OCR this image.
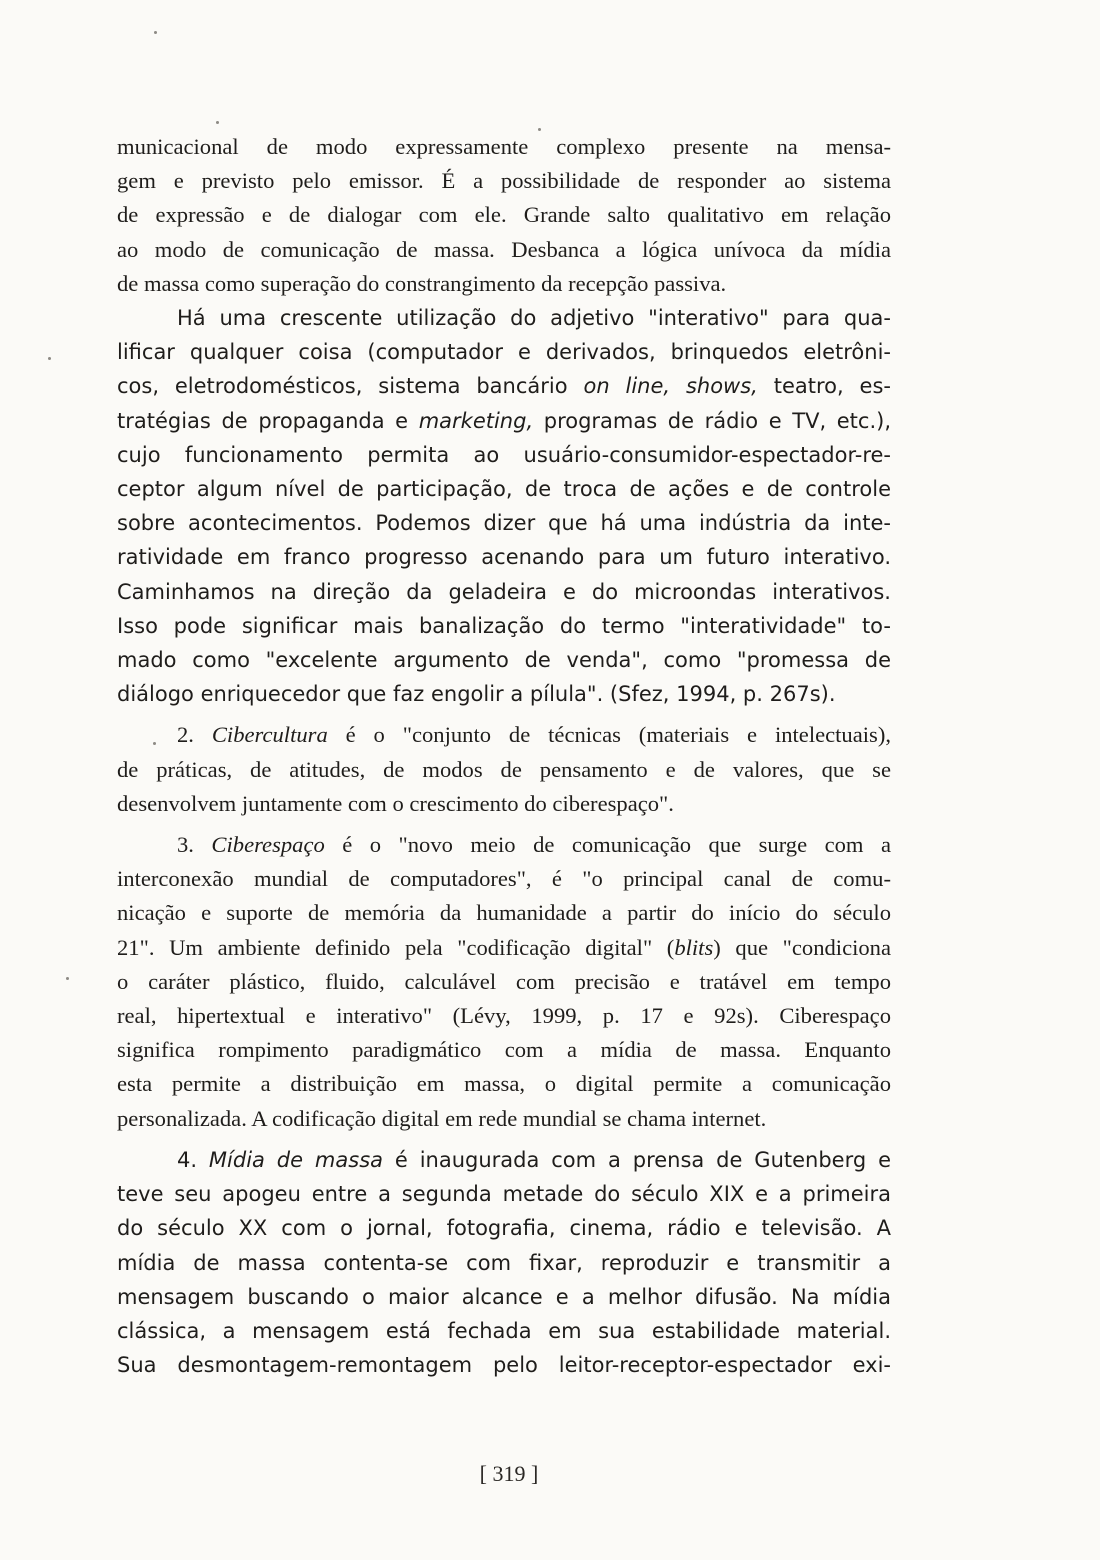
municacional de modo expressamente complexo presente na mensa-
gem e previsto pelo emissor. É a possibilidade de responder ao sistema
de expressão e de dialogar com ele. Grande salto qualitativo em relação
ao modo de comunicação de massa. Desbanca a lógica unívoca da mídia
de massa como superação do constrangimento da recepção passiva.
Há uma crescente utilização do adjetivo "interativo" para qua-
lificar qualquer coisa (computador e derivados, brinquedos eletrôni-
cos, eletrodomésticos, sistema bancário on line, shows, teatro, es-
tratégias de propaganda e marketing, programas de rádio e TV, etc.),
cujo funcionamento permita ao usuário-consumidor-espectador-re-
ceptor algum nível de participação, de troca de ações e de controle
sobre acontecimentos. Podemos dizer que há uma indústria da inte-
ratividade em franco progresso acenando para um futuro interativo.
Caminhamos na direção da geladeira e do microondas interativos.
Isso pode significar mais banalização do termo "interatividade" to-
mado como "excelente argumento de venda", como "promessa de
diálogo enriquecedor que faz engolir a pílula". (Sfez, 1994, p. 267s).
2. Cibercultura é o "conjunto de técnicas (materiais e intelectuais),
de práticas, de atitudes, de modos de pensamento e de valores, que se
desenvolvem juntamente com o crescimento do ciberespaço".
3. Ciberespaço é o "novo meio de comunicação que surge com a
interconexão mundial de computadores", é "o principal canal de comu-
nicação e suporte de memória da humanidade a partir do início do século
21". Um ambiente definido pela "codificação digital" (blits) que "condiciona
o caráter plástico, fluido, calculável com precisão e tratável em tempo
real, hipertextual e interativo" (Lévy, 1999, p. 17 e 92s). Ciberespaço
significa rompimento paradigmático com a mídia de massa. Enquanto
esta permite a distribuição em massa, o digital permite a comunicação
personalizada. A codificação digital em rede mundial se chama internet.
4. Mídia de massa é inaugurada com a prensa de Gutenberg e
teve seu apogeu entre a segunda metade do século XIX e a primeira
do século XX com o jornal, fotografia, cinema, rádio e televisão. A
mídia de massa contenta-se com fixar, reproduzir e transmitir a
mensagem buscando o maior alcance e a melhor difusão. Na mídia
clássica, a mensagem está fechada em sua estabilidade material.
Sua desmontagem-remontagem pelo leitor-receptor-espectador exi-
[ 319 ]
